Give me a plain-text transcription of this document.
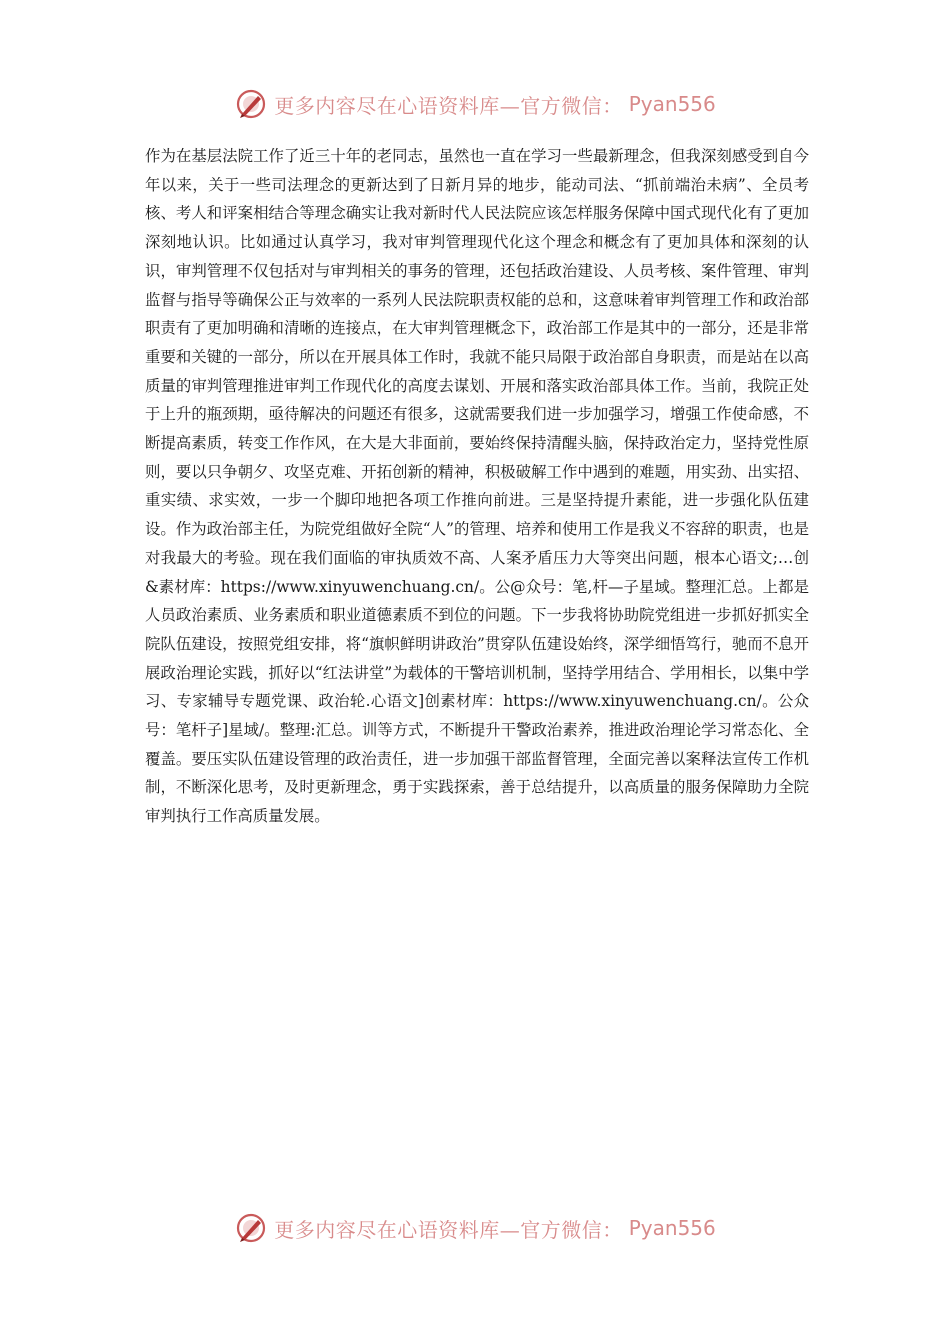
更多内容尽在心语资料库—官方微信： Pyan556

作为在基层法院工作了近三十年的老同志，虽然也一直在学习一些最新理念，但我深刻感受到自今年以来，关于一些司法理念的更新达到了日新月异的地步，能动司法、“抓前端治未病”、全员考核、考人和评案相结合等理念确实让我对新时代人民法院应该怎样服务保障中国式现代化有了更加深刻地认识。比如通过认真学习，我对审判管理现代化这个理念和概念有了更加具体和深刻的认识，审判管理不仅包括对与审判相关的事务的管理，还包括政治建设、人员考核、案件管理、审判监督与指导等确保公正与效率的一系列人民法院职责权能的总和，这意味着审判管理工作和政治部职责有了更加明确和清晰的连接点，在大审判管理概念下，政治部工作是其中的一部分，还是非常重要和关键的一部分，所以在开展具体工作时，我就不能只局限于政治部自身职责，而是站在以高质量的审判管理推进审判工作现代化的高度去谋划、开展和落实政治部具体工作。当前，我院正处于上升的瓶颈期，亟待解决的问题还有很多，这就需要我们进一步加强学习，增强工作使命感，不断提高素质，转变工作作风，在大是大非面前，要始终保持清醒头脑，保持政治定力，坚持党性原则，要以只争朝夕、攻坚克难、开拓创新的精神，积极破解工作中遇到的难题，用实劲、出实招、重实绩、求实效，一步一个脚印地把各项工作推向前进。三是坚持提升素能，进一步强化队伍建设。作为政治部主任，为院党组做好全院“人”的管理、培养和使用工作是我义不容辞的职责，也是对我最大的考验。现在我们面临的审执质效不高、人案矛盾压力大等突出问题，根本心语文;…创&素材库：https://www.xinyuwenchuang.cn/。公@众号：笔,杆—子星域。整理汇总。上都是人员政治素质、业务素质和职业道德素质不到位的问题。下一步我将协助院党组进一步抓好抓实全院队伍建设，按照党组安排，将“旗帜鲜明讲政治”贯穿队伍建设始终，深学细悟笃行，驰而不息开展政治理论实践，抓好以“红法讲堂”为载体的干警培训机制，坚持学用结合、学用相长，以集中学习、专家辅导专题党课、政治轮.心语文]创素材库：https://www.xinyuwenchuang.cn/。公众号：笔杆子]星域/。整理:汇总。训等方式，不断提升干警政治素养，推进政治理论学习常态化、全覆盖。要压实队伍建设管理的政治责任，进一步加强干部监督管理，全面完善以案释法宣传工作机制，不断深化思考，及时更新理念，勇于实践探索，善于总结提升，以高质量的服务保障助力全院审判执行工作高质量发展。

更多内容尽在心语资料库—官方微信： Pyan556
